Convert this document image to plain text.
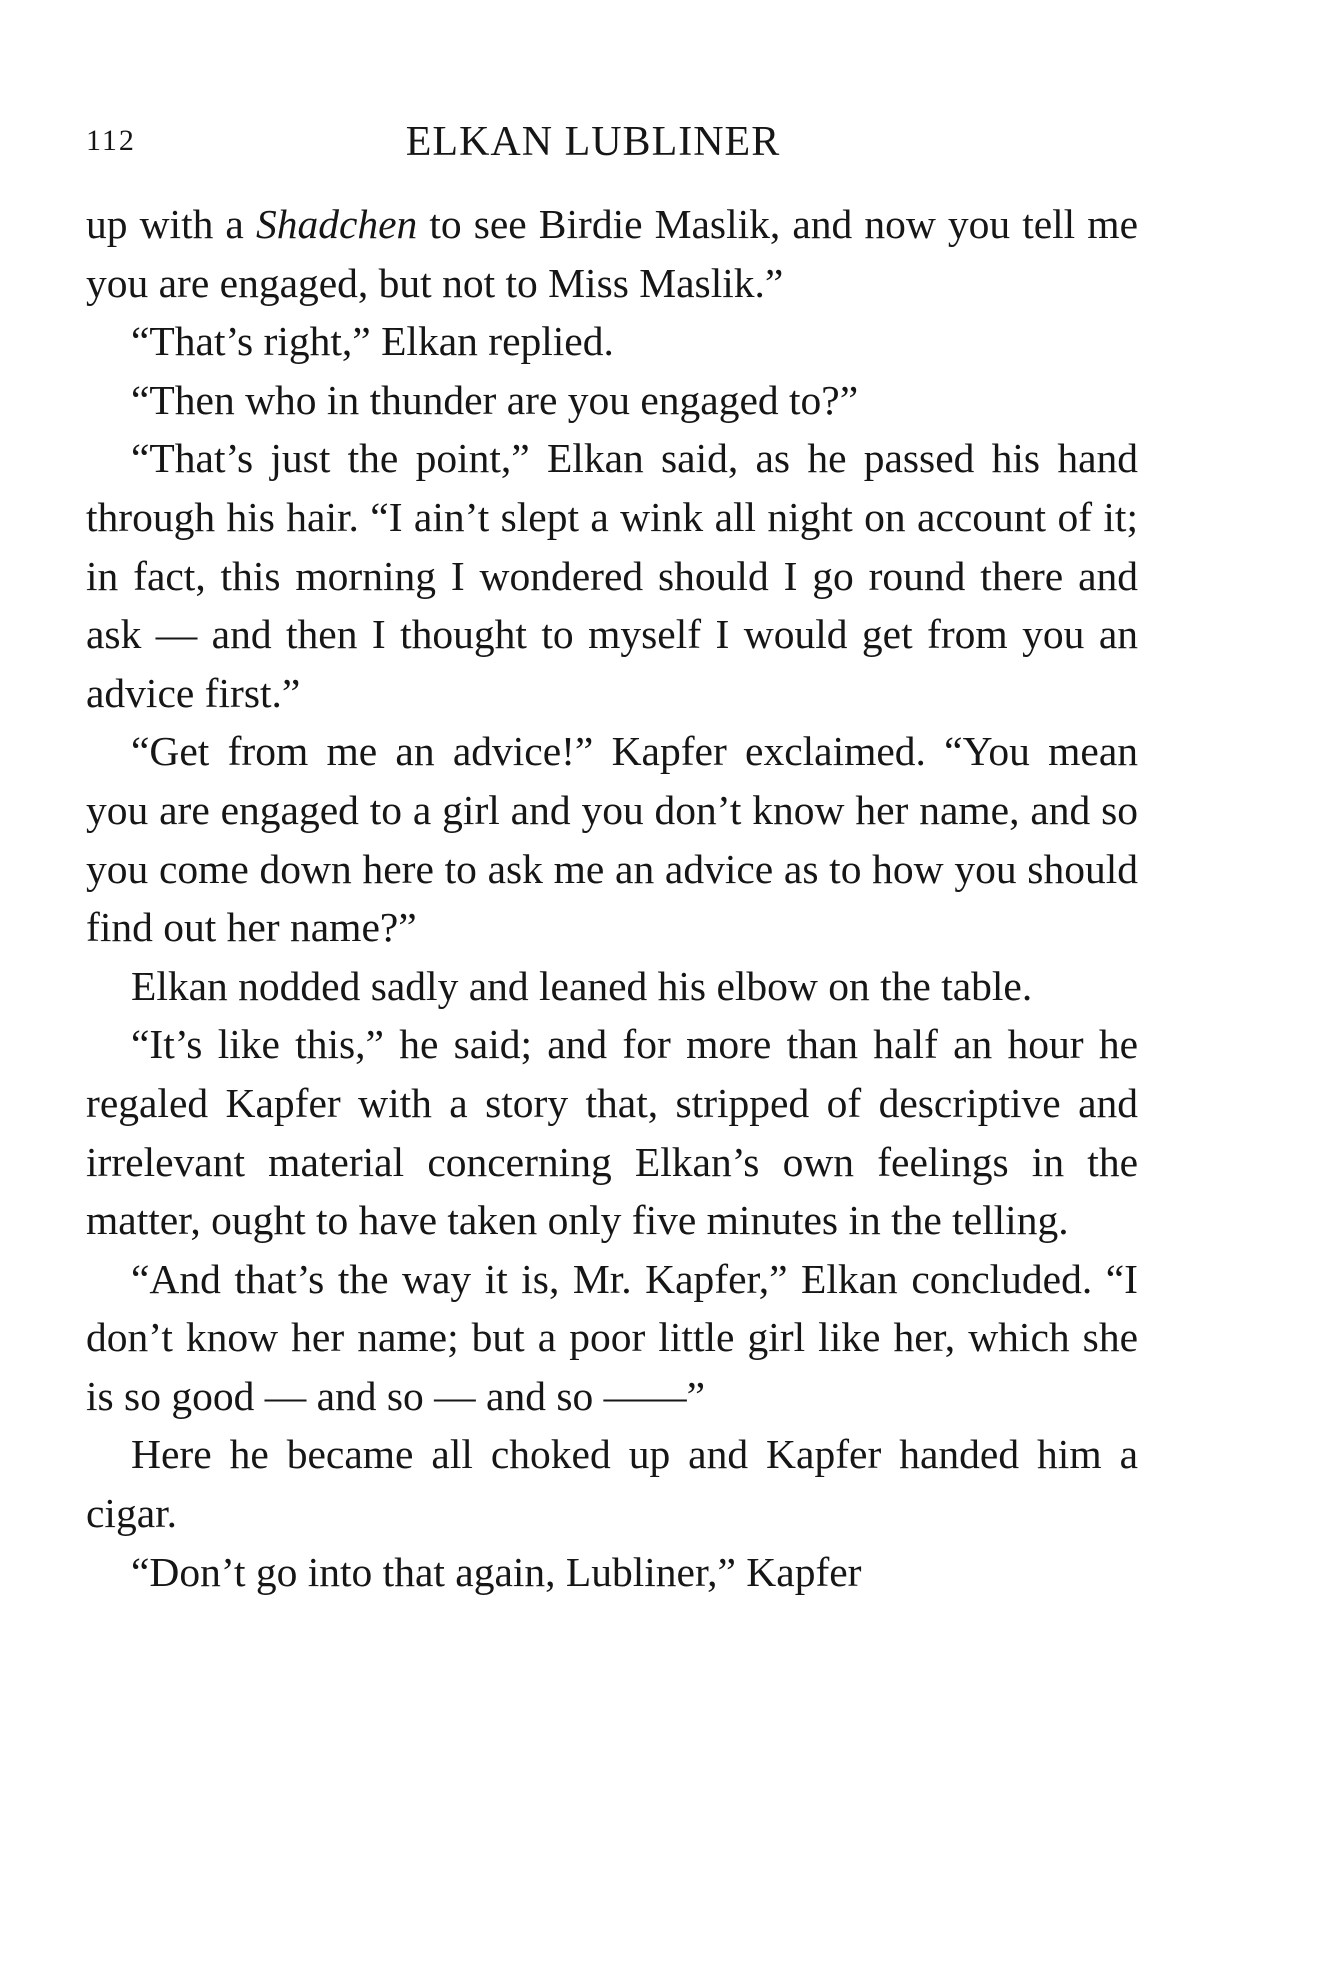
112	ELKAN LUBLINER

up with a Shadchen to see Birdie Maslik, and now you tell me you are engaged, but not to Miss Maslik.”

“That’s right,” Elkan replied.

“Then who in thunder are you engaged to?”

“That’s just the point,” Elkan said, as he passed his hand through his hair. “I ain’t slept a wink all night on account of it; in fact, this morning I wondered should I go round there and ask — and then I thought to myself I would get from you an advice first.”

“Get from me an advice!” Kapfer exclaimed. “You mean you are engaged to a girl and you don’t know her name, and so you come down here to ask me an advice as to how you should find out her name?”

Elkan nodded sadly and leaned his elbow on the table.

“It’s like this,” he said; and for more than half an hour he regaled Kapfer with a story that, stripped of descriptive and irrelevant material concerning Elkan’s own feelings in the matter, ought to have taken only five minutes in the telling.

“And that’s the way it is, Mr. Kapfer,” Elkan concluded. “I don’t know her name; but a poor little girl like her, which she is so good — and so — and so ——”

Here he became all choked up and Kapfer handed him a cigar.

“Don’t go into that again, Lubliner,” Kapfer
